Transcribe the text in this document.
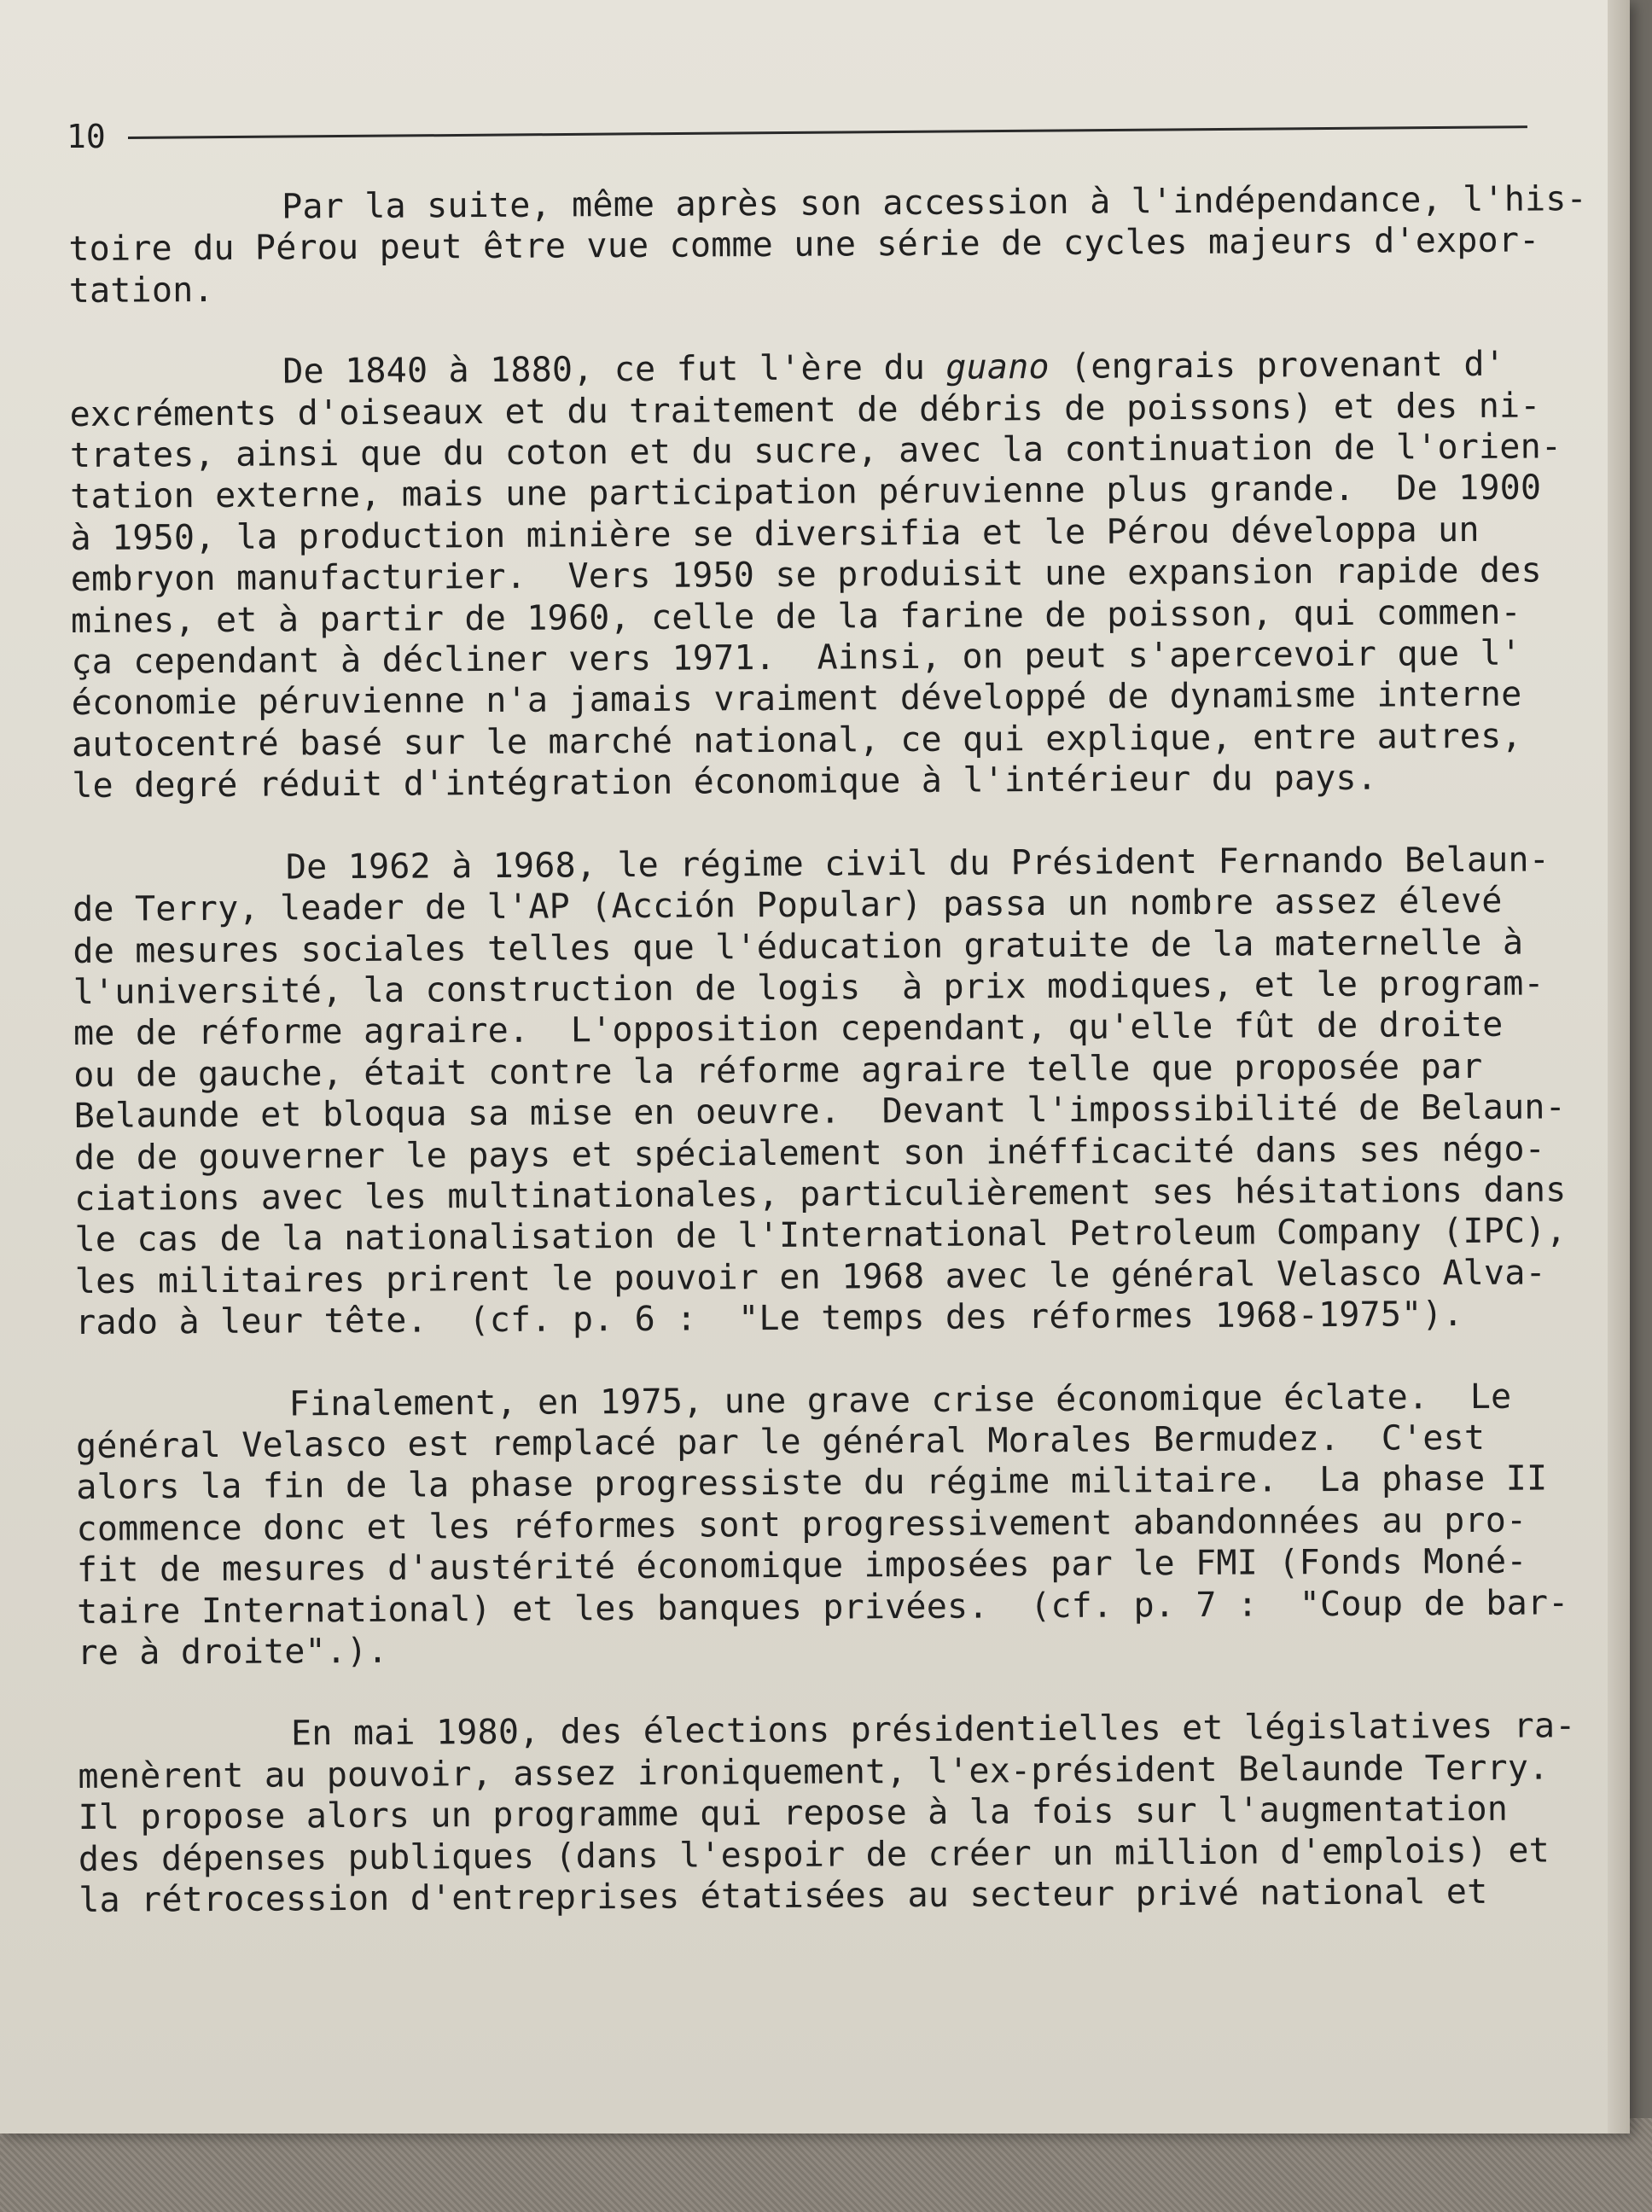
10
Par la suite, même après son accession à l'indépendance, l'his-
toire du Pérou peut être vue comme une série de cycles majeurs d'expor-
tation.
De 1840 à 1880, ce fut l'ère du guano (engrais provenant d'
excréments d'oiseaux et du traitement de débris de poissons) et des ni-
trates, ainsi que du coton et du sucre, avec la continuation de l'orien-
tation externe, mais une participation péruvienne plus grande.  De 1900
à 1950, la production minière se diversifia et le Pérou développa un
embryon manufacturier.  Vers 1950 se produisit une expansion rapide des
mines, et à partir de 1960, celle de la farine de poisson, qui commen-
ça cependant à décliner vers 1971.  Ainsi, on peut s'apercevoir que l'
économie péruvienne n'a jamais vraiment développé de dynamisme interne
autocentré basé sur le marché national, ce qui explique, entre autres,
le degré réduit d'intégration économique à l'intérieur du pays.
De 1962 à 1968, le régime civil du Président Fernando Belaun-
de Terry, leader de l'AP (Acción Popular) passa un nombre assez élevé
de mesures sociales telles que l'éducation gratuite de la maternelle à
l'université, la construction de logis  à prix modiques, et le program-
me de réforme agraire.  L'opposition cependant, qu'elle fût de droite
ou de gauche, était contre la réforme agraire telle que proposée par
Belaunde et bloqua sa mise en oeuvre.  Devant l'impossibilité de Belaun-
de de gouverner le pays et spécialement son inéfficacité dans ses négo-
ciations avec les multinationales, particulièrement ses hésitations dans
le cas de la nationalisation de l'International Petroleum Company (IPC),
les militaires prirent le pouvoir en 1968 avec le général Velasco Alva-
rado à leur tête.  (cf. p. 6 :  "Le temps des réformes 1968-1975").
Finalement, en 1975, une grave crise économique éclate.  Le
général Velasco est remplacé par le général Morales Bermudez.  C'est
alors la fin de la phase progressiste du régime militaire.  La phase II
commence donc et les réformes sont progressivement abandonnées au pro-
fit de mesures d'austérité économique imposées par le FMI (Fonds Moné-
taire International) et les banques privées.  (cf. p. 7 :  "Coup de bar-
re à droite".).
En mai 1980, des élections présidentielles et législatives ra-
menèrent au pouvoir, assez ironiquement, l'ex-président Belaunde Terry.
Il propose alors un programme qui repose à la fois sur l'augmentation
des dépenses publiques (dans l'espoir de créer un million d'emplois) et
la rétrocession d'entreprises étatisées au secteur privé national et
